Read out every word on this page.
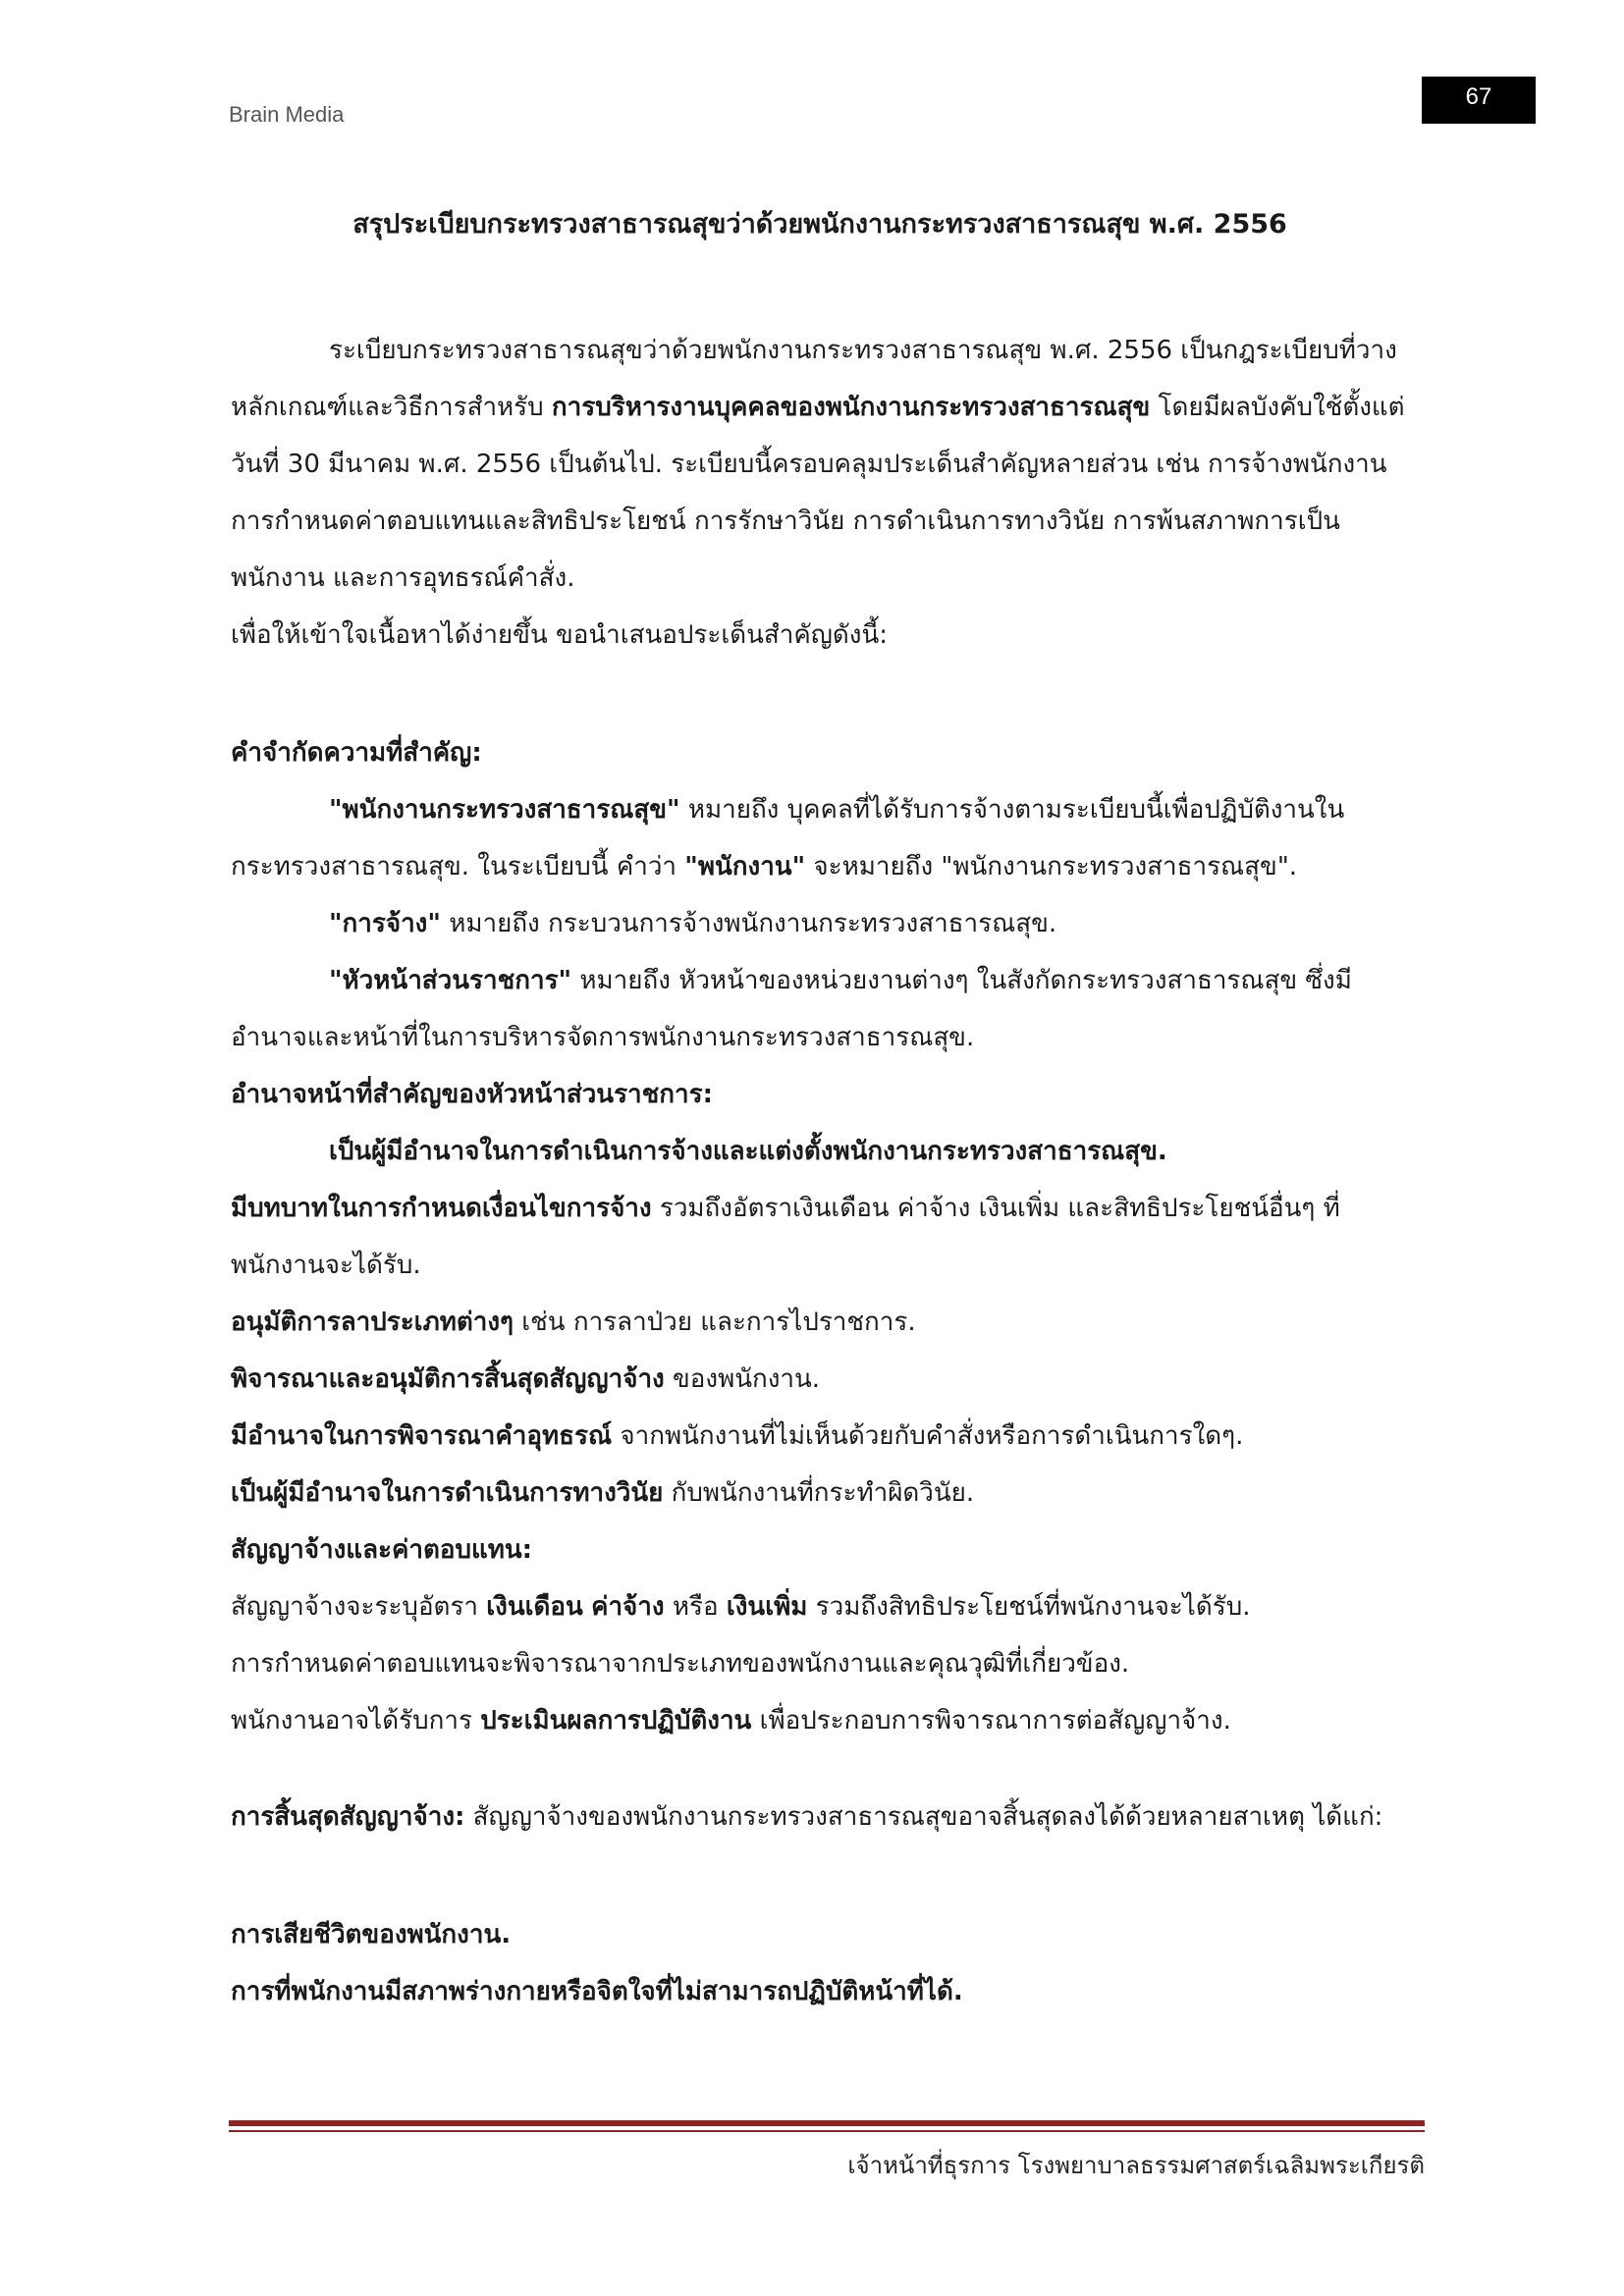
Brain Media
67

สรุประเบียบกระทรวงสาธารณสุขว่าด้วยพนักงานกระทรวงสาธารณสุข พ.ศ. 2556

ระเบียบกระทรวงสาธารณสุขว่าด้วยพนักงานกระทรวงสาธารณสุข พ.ศ. 2556 เป็นกฎระเบียบที่วางหลักเกณฑ์และวิธีการสำหรับ การบริหารงานบุคคลของพนักงานกระทรวงสาธารณสุข โดยมีผลบังคับใช้ตั้งแต่วันที่ 30 มีนาคม พ.ศ. 2556 เป็นต้นไป. ระเบียบนี้ครอบคลุมประเด็นสำคัญหลายส่วน เช่น การจ้างพนักงาน การกำหนดค่าตอบแทนและสิทธิประโยชน์ การรักษาวินัย การดำเนินการทางวินัย การพ้นสภาพการเป็นพนักงาน และการอุทธรณ์คำสั่ง.

เพื่อให้เข้าใจเนื้อหาได้ง่ายขึ้น ขอนำเสนอประเด็นสำคัญดังนี้:

คำจำกัดความที่สำคัญ:

"พนักงานกระทรวงสาธารณสุข" หมายถึง บุคคลที่ได้รับการจ้างตามระเบียบนี้เพื่อปฏิบัติงานในกระทรวงสาธารณสุข. ในระเบียบนี้ คำว่า "พนักงาน" จะหมายถึง "พนักงานกระทรวงสาธารณสุข".

"การจ้าง" หมายถึง กระบวนการจ้างพนักงานกระทรวงสาธารณสุข.

"หัวหน้าส่วนราชการ" หมายถึง หัวหน้าของหน่วยงานต่างๆ ในสังกัดกระทรวงสาธารณสุข ซึ่งมีอำนาจและหน้าที่ในการบริหารจัดการพนักงานกระทรวงสาธารณสุข.

อำนาจหน้าที่สำคัญของหัวหน้าส่วนราชการ:

เป็นผู้มีอำนาจในการดำเนินการจ้างและแต่งตั้งพนักงานกระทรวงสาธารณสุข.

มีบทบาทในการกำหนดเงื่อนไขการจ้าง รวมถึงอัตราเงินเดือน ค่าจ้าง เงินเพิ่ม และสิทธิประโยชน์อื่นๆ ที่พนักงานจะได้รับ.

อนุมัติการลาประเภทต่างๆ เช่น การลาป่วย และการไปราชการ.

พิจารณาและอนุมัติการสิ้นสุดสัญญาจ้าง ของพนักงาน.

มีอำนาจในการพิจารณาคำอุทธรณ์ จากพนักงานที่ไม่เห็นด้วยกับคำสั่งหรือการดำเนินการใดๆ.

เป็นผู้มีอำนาจในการดำเนินการทางวินัย กับพนักงานที่กระทำผิดวินัย.

สัญญาจ้างและค่าตอบแทน:

สัญญาจ้างจะระบุอัตรา เงินเดือน ค่าจ้าง หรือ เงินเพิ่ม รวมถึงสิทธิประโยชน์ที่พนักงานจะได้รับ.

การกำหนดค่าตอบแทนจะพิจารณาจากประเภทของพนักงานและคุณวุฒิที่เกี่ยวข้อง.

พนักงานอาจได้รับการ ประเมินผลการปฏิบัติงาน เพื่อประกอบการพิจารณาการต่อสัญญาจ้าง.

การสิ้นสุดสัญญาจ้าง: สัญญาจ้างของพนักงานกระทรวงสาธารณสุขอาจสิ้นสุดลงได้ด้วยหลายสาเหตุ ได้แก่:

การเสียชีวิตของพนักงาน.

การที่พนักงานมีสภาพร่างกายหรือจิตใจที่ไม่สามารถปฏิบัติหน้าที่ได้.

เจ้าหน้าที่ธุรการ โรงพยาบาลธรรมศาสตร์เฉลิมพระเกียรติ
